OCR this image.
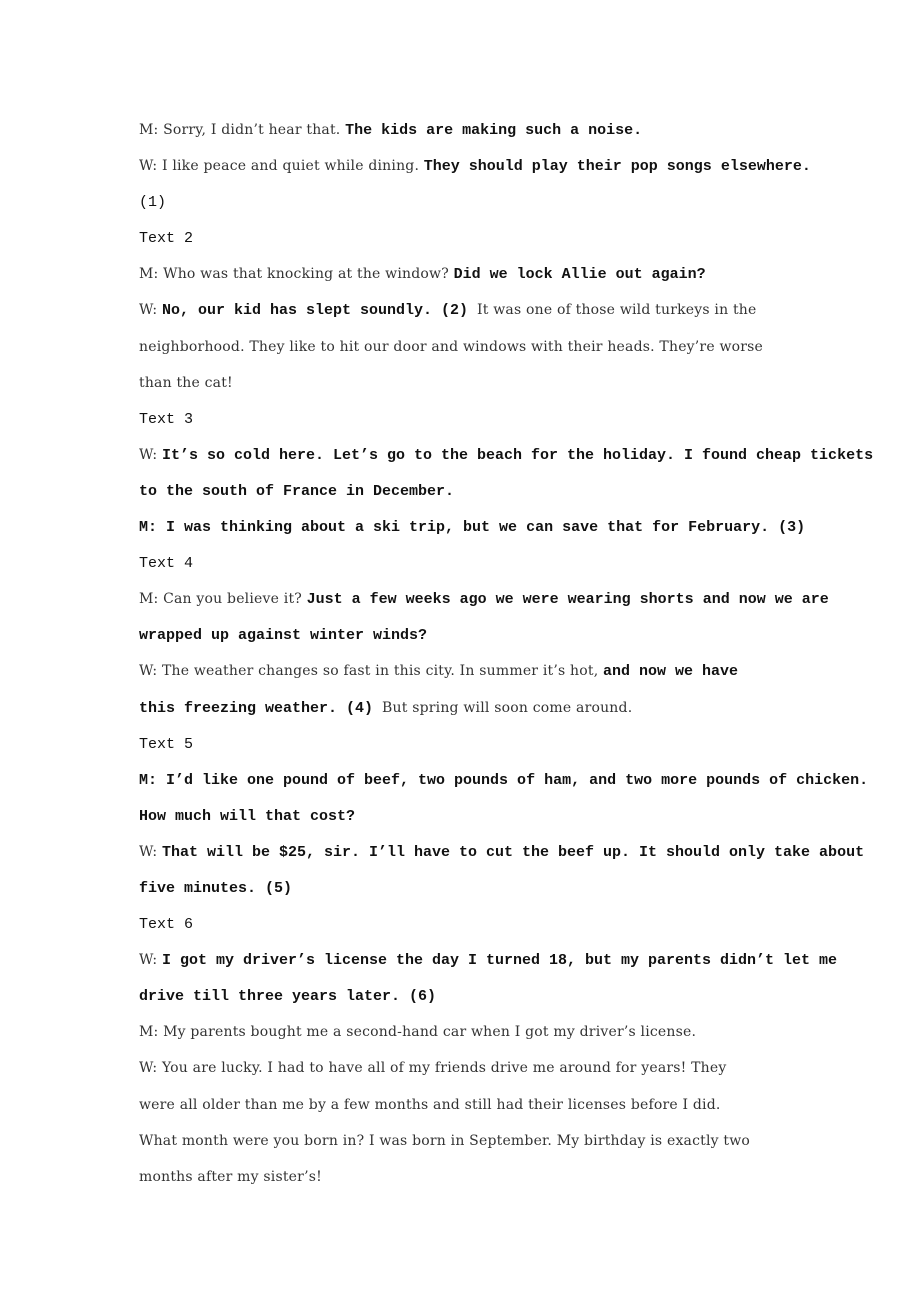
M: Sorry, I didn’t hear that. The kids are making such a noise.
W: I like peace and quiet while dining. They should play their pop songs elsewhere.
(1)
Text 2
M: Who was that knocking at the window? Did we lock Allie out again?
W: No, our kid has slept soundly. (2) It was one of those wild turkeys in the
neighborhood. They like to hit our door and windows with their heads. They’re worse
than the cat!
Text 3
W: It’s so cold here. Let’s go to the beach for the holiday. I found cheap tickets
to the south of France in December.
M: I was thinking about a ski trip, but we can save that for February. (3)
Text 4
M: Can you believe it? Just a few weeks ago we were wearing shorts and now we are
wrapped up against winter winds?
W: The weather changes so fast in this city. In summer it’s hot, and now we have
this freezing weather. (4) But spring will soon come around.
Text 5
M: I’d like one pound of beef, two pounds of ham, and two more pounds of chicken.
How much will that cost?
W: That will be $25, sir. I’ll have to cut the beef up. It should only take about
five minutes. (5)
Text 6
W: I got my driver’s license the day I turned 18, but my parents didn’t let me
drive till three years later. (6)
M: My parents bought me a second-hand car when I got my driver’s license.
W: You are lucky. I had to have all of my friends drive me around for years! They
were all older than me by a few months and still had their licenses before I did.
What month were you born in? I was born in September. My birthday is exactly two
months after my sister’s!
